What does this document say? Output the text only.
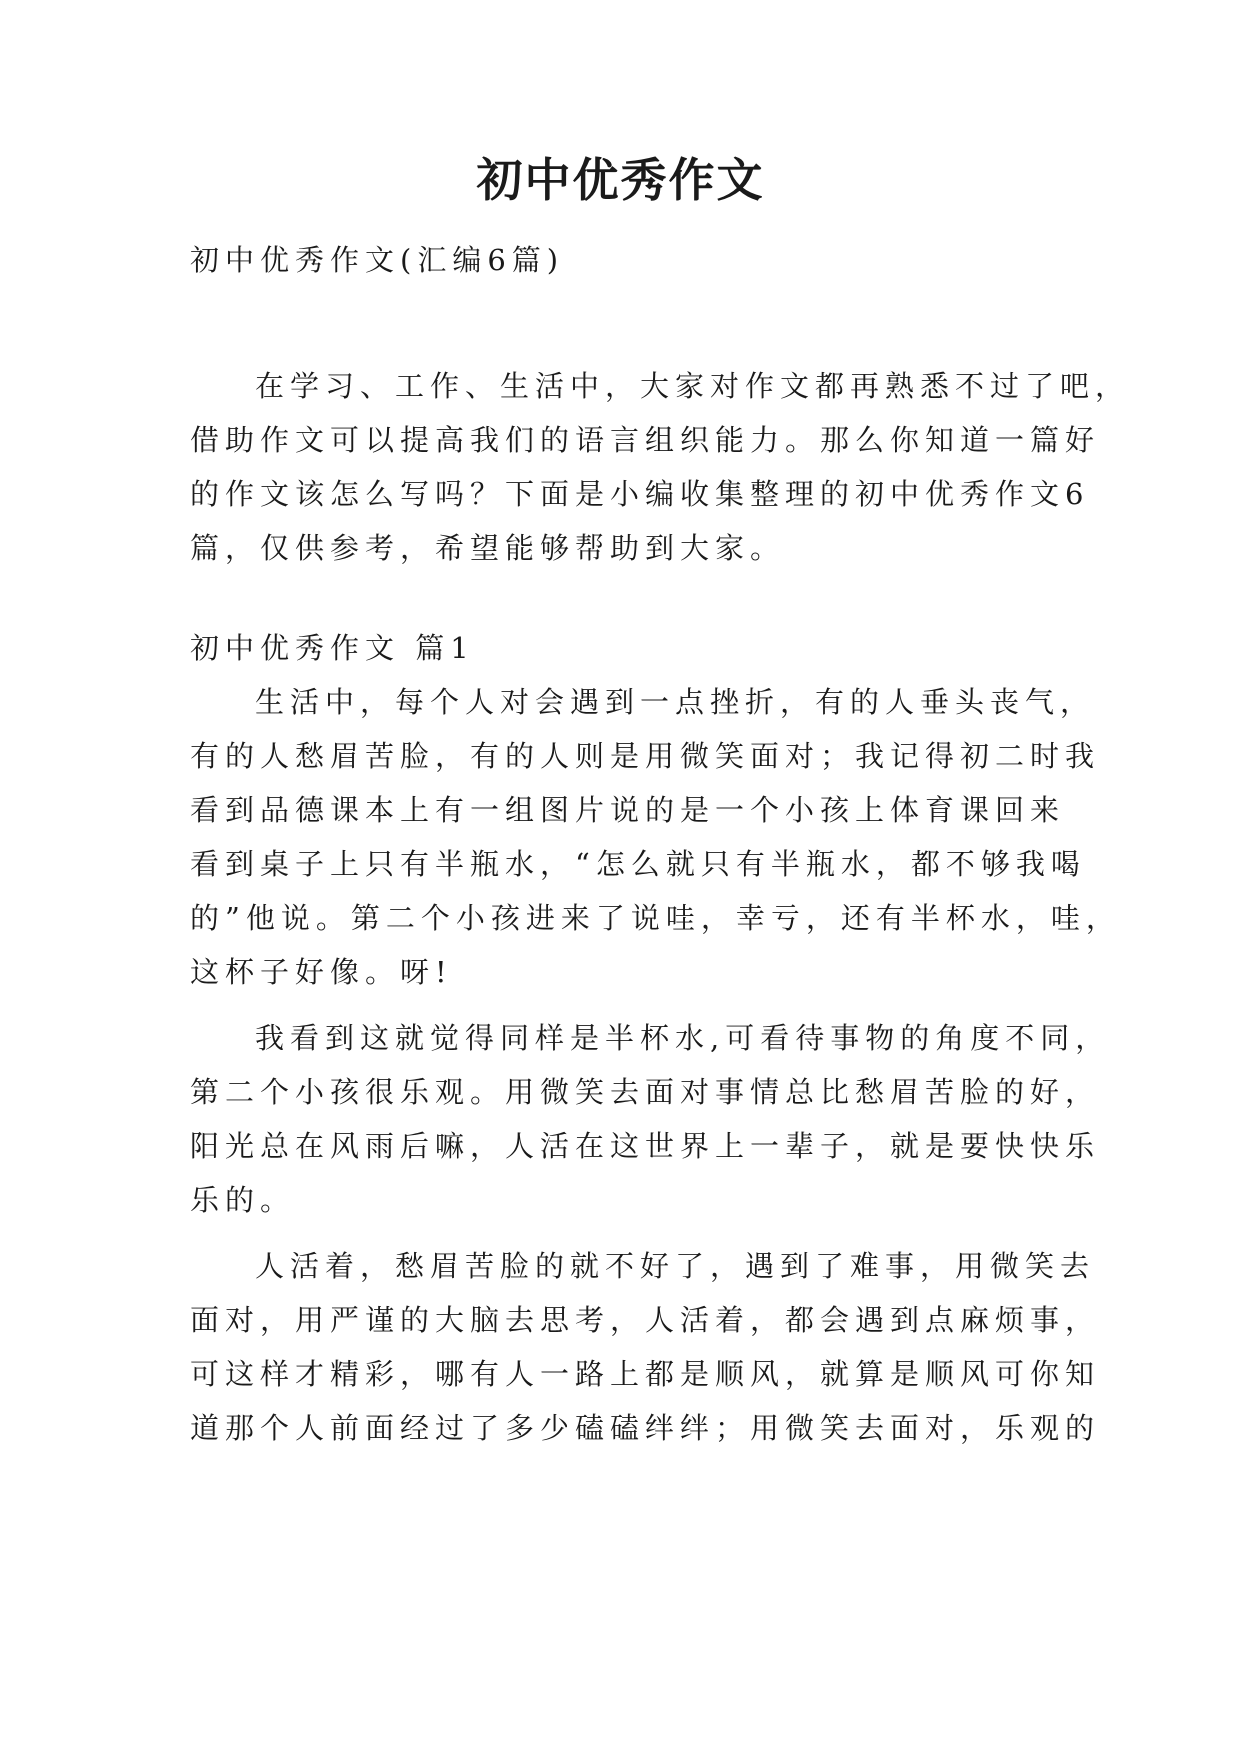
初中优秀作文

初中优秀作文(汇编6篇)

在学习、工作、生活中，大家对作文都再熟悉不过了吧，

借助作文可以提高我们的语言组织能力。那么你知道一篇好

的作文该怎么写吗？下面是小编收集整理的初中优秀作文6

篇，仅供参考，希望能够帮助到大家。

初中优秀作文 篇1

生活中，每个人对会遇到一点挫折，有的人垂头丧气，

有的人愁眉苦脸，有的人则是用微笑面对；我记得初二时我

看到品德课本上有一组图片说的是一个小孩上体育课回来

看到桌子上只有半瓶水，“怎么就只有半瓶水，都不够我喝

的”他说。第二个小孩进来了说哇，幸亏，还有半杯水，哇，

这杯子好像。呀!

我看到这就觉得同样是半杯水,可看待事物的角度不同，

第二个小孩很乐观。用微笑去面对事情总比愁眉苦脸的好，

阳光总在风雨后嘛，人活在这世界上一辈子，就是要快快乐

乐的。

人活着，愁眉苦脸的就不好了，遇到了难事，用微笑去

面对，用严谨的大脑去思考，人活着，都会遇到点麻烦事，

可这样才精彩，哪有人一路上都是顺风，就算是顺风可你知

道那个人前面经过了多少磕磕绊绊；用微笑去面对，乐观的
